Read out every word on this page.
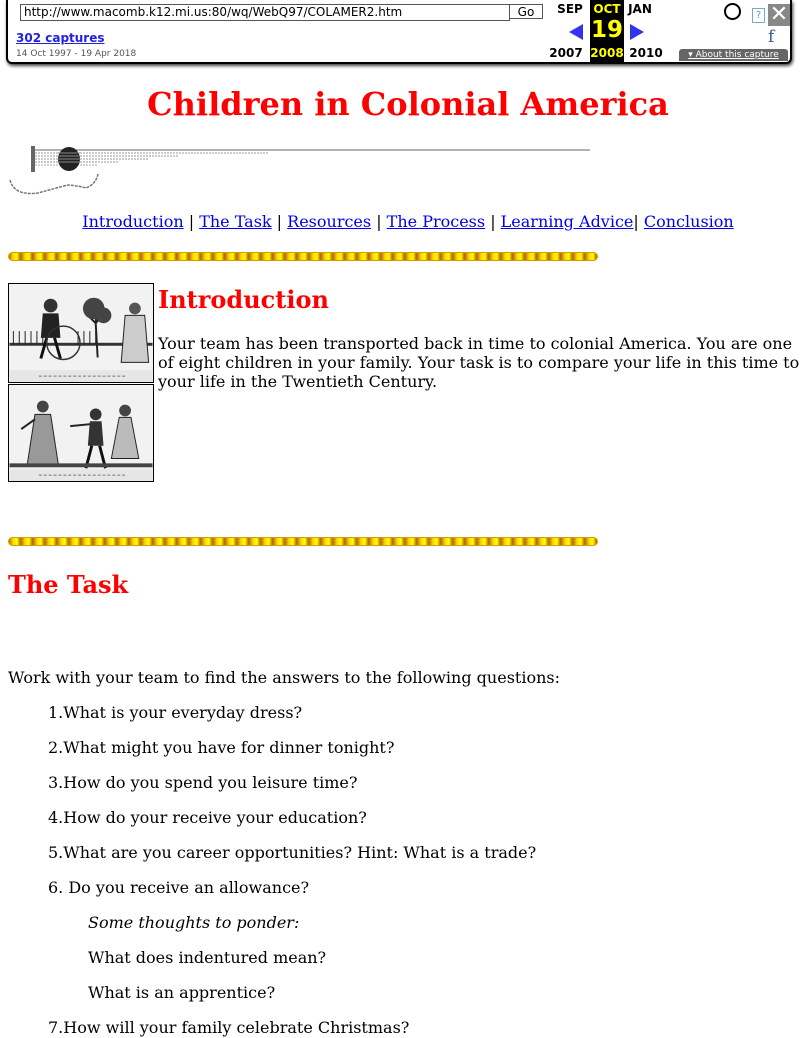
http://www.macomb.k12.mi.us:80/wq/WebQ97/COLAMER2.htm
Go
302 captures
14 Oct 1997 - 19 Apr 2018
SEP
2007
OCT
19
2008
JAN
2010
? ✕
f
▾ About this capture
Children in Colonial America
Introduction | The Task | Resources | The Process | Learning Advice| Conclusion
Introduction
Your team has been transported back in time to colonial America. You are one of eight children in your family. Your task is to compare your life in this time to your life in the Twentieth Century.
The Task
Work with your team to find the answers to the following questions:
1.What is your everyday dress?
2.What might you have for dinner tonight?
3.How do you spend you leisure time?
4.How do your receive your education?
5.What are you career opportunities? Hint: What is a trade?
6. Do you receive an allowance?
Some thoughts to ponder:
What does indentured mean?
What is an apprentice?
7.How will your family celebrate Christmas?
